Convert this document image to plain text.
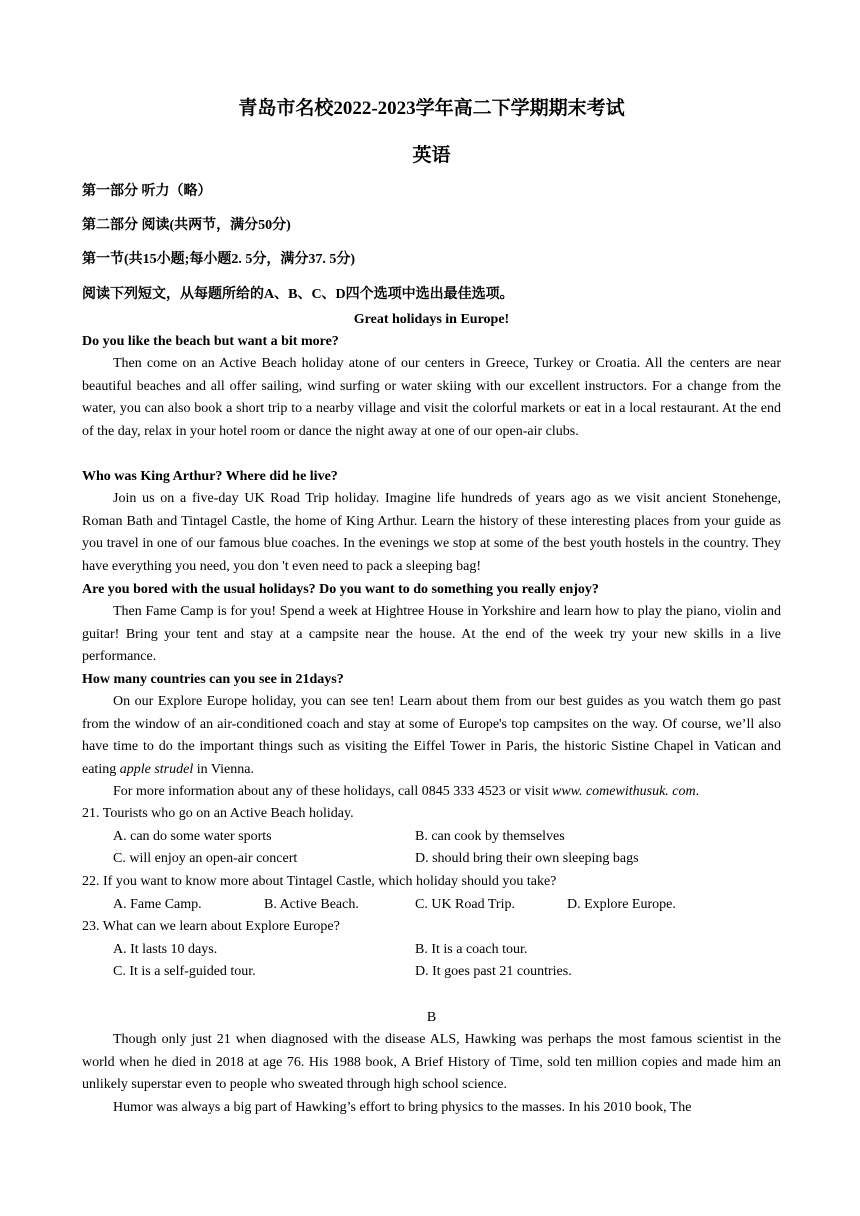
青岛市名校2022-2023学年高二下学期期末考试
英语
第一部分 听力（略）
第二部分 阅读(共两节，满分50分)
第一节(共15小题;每小题2. 5分，满分37. 5分)
阅读下列短文，从每题所给的A、B、C、D四个选项中选出最佳选项。
Great holidays in Europe!
Do you like the beach but want a bit more?
Then come on an Active Beach holiday atone of our centers in Greece, Turkey or Croatia. All the centers are near beautiful beaches and all offer sailing, wind surfing or water skiing with our excellent instructors. For a change from the water, you can also book a short trip to a nearby village and visit the colorful markets or eat in a local restaurant. At the end of the day, relax in your hotel room or dance the night away at one of our open-air clubs.
Who was King Arthur? Where did he live?
Join us on a five-day UK Road Trip holiday. Imagine life hundreds of years ago as we visit ancient Stonehenge, Roman Bath and Tintagel Castle, the home of King Arthur. Learn the history of these interesting places from your guide as you travel in one of our famous blue coaches. In the evenings we stop at some of the best youth hostels in the country. They have everything you need, you don 't even need to pack a sleeping bag!
Are you bored with the usual holidays? Do you want to do something you really enjoy?
Then Fame Camp is for you! Spend a week at Hightree House in Yorkshire and learn how to play the piano, violin and guitar! Bring your tent and stay at a campsite near the house. At the end of the week try your new skills in a live performance.
How many countries can you see in 21days?
On our Explore Europe holiday, you can see ten! Learn about them from our best guides as you watch them go past from the window of an air-conditioned coach and stay at some of Europe's top campsites on the way. Of course, we’ll also have time to do the important things such as visiting the Eiffel Tower in Paris, the historic Sistine Chapel in Vatican and eating apple strudel in Vienna.
For more information about any of these holidays, call 0845 333 4523 or visit www. comewithusuk. com.
21. Tourists who go on an Active Beach holiday.
A. can do some water sports	B. can cook by themselves
C. will enjoy an open-air concert	D. should bring their own sleeping bags
22. If you want to know more about Tintagel Castle, which holiday should you take?
A. Fame Camp.	B. Active Beach.	C. UK Road Trip.	D. Explore Europe.
23. What can we learn about Explore Europe?
A. It lasts 10 days.	B. It is a coach tour.
C. It is a self-guided tour.	D. It goes past 21 countries.
B
Though only just 21 when diagnosed with the disease ALS, Hawking was perhaps the most famous scientist in the world when he died in 2018 at age 76. His 1988 book, A Brief History of Time, sold ten million copies and made him an unlikely superstar even to people who sweated through high school science.
Humor was always a big part of Hawking’s effort to bring physics to the masses. In his 2010 book, The
